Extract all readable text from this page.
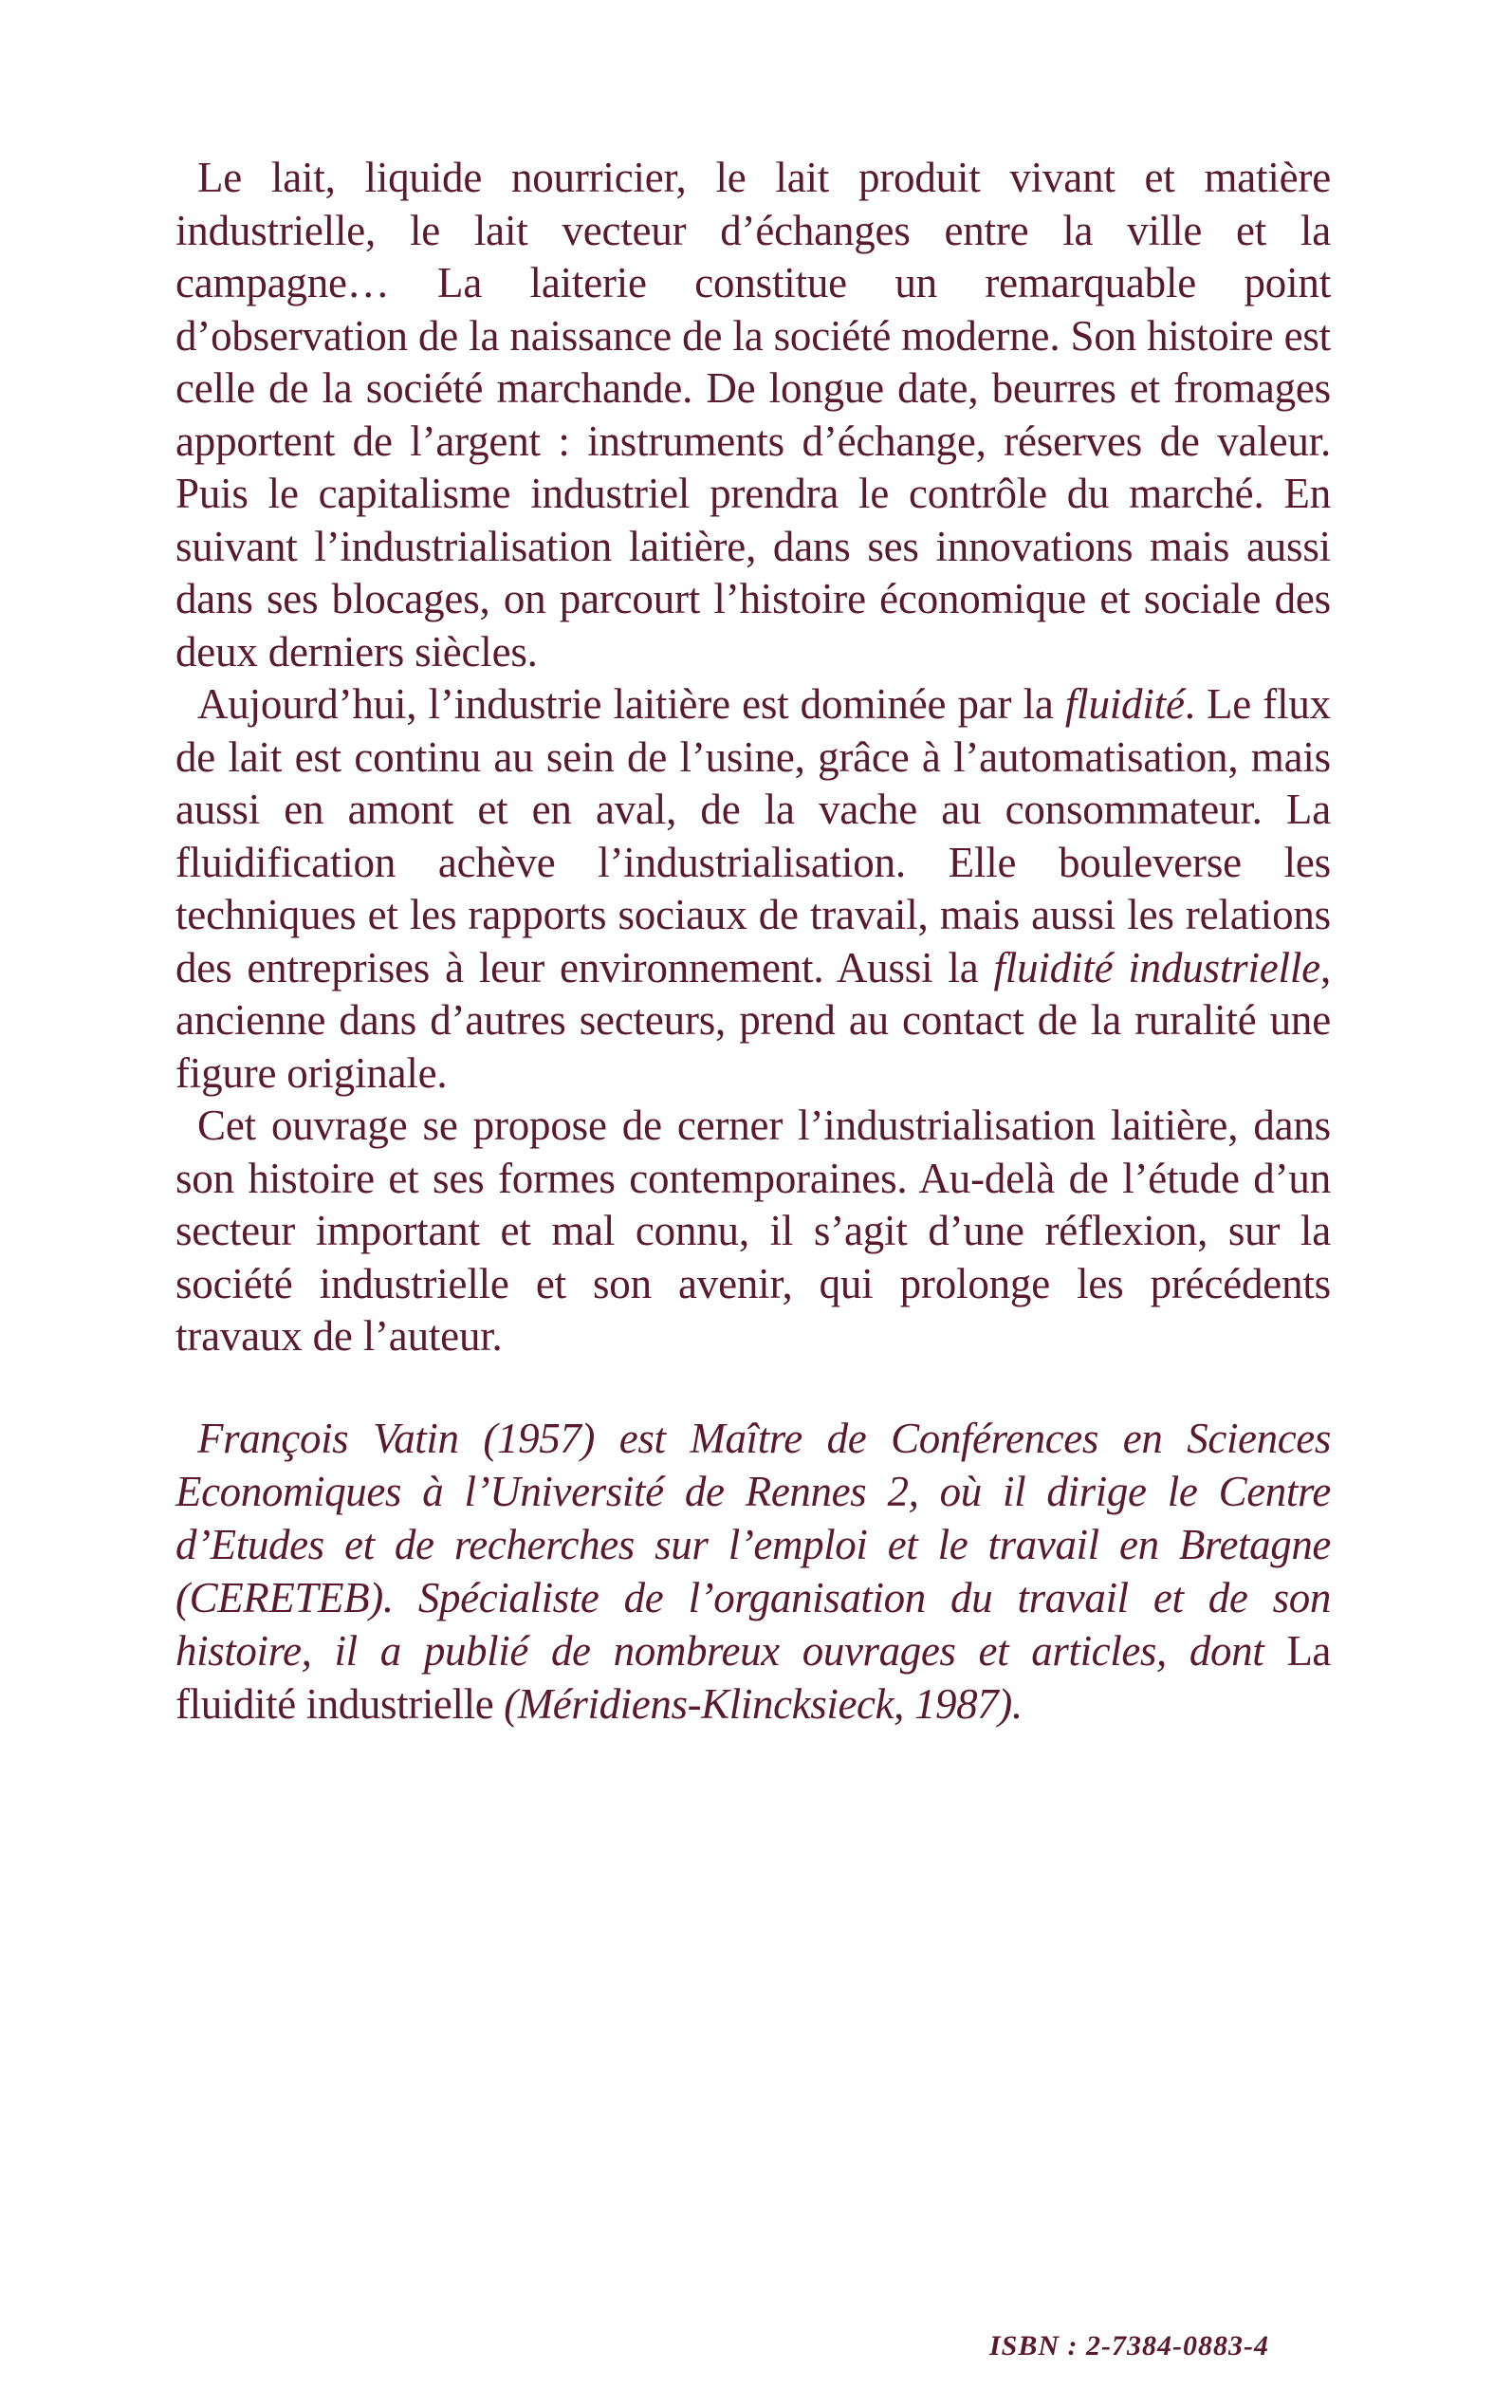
Le lait, liquide nourricier, le lait produit vivant et matière industrielle, le lait vecteur d’échanges entre la ville et la campagne… La laiterie constitue un remarquable point d’observation de la naissance de la société moderne. Son histoire est celle de la société marchande. De longue date, beurres et fromages apportent de l’argent : instruments d’échange, réserves de valeur. Puis le capitalisme industriel prendra le contrôle du marché. En suivant l’industrialisation laitière, dans ses innovations mais aussi dans ses blocages, on parcourt l’histoire économique et sociale des deux derniers siècles.

Aujourd’hui, l’industrie laitière est dominée par la fluidité. Le flux de lait est continu au sein de l’usine, grâce à l’automatisation, mais aussi en amont et en aval, de la vache au consommateur. La fluidification achève l’industrialisation. Elle bouleverse les techniques et les rapports sociaux de travail, mais aussi les relations des entreprises à leur environnement. Aussi la fluidité industrielle, ancienne dans d’autres secteurs, prend au contact de la ruralité une figure originale.

Cet ouvrage se propose de cerner l’industrialisation laitière, dans son histoire et ses formes contemporaines. Au-delà de l’étude d’un secteur important et mal connu, il s’agit d’une réflexion, sur la société industrielle et son avenir, qui prolonge les précédents travaux de l’auteur.

François Vatin (1957) est Maître de Conférences en Sciences Economiques à l’Université de Rennes 2, où il dirige le Centre d’Etudes et de recherches sur l’emploi et le travail en Bretagne (CERETEB). Spécialiste de l’organisation du travail et de son histoire, il a publié de nombreux ouvrages et articles, dont La fluidité industrielle (Méridiens-Klincksieck, 1987).

ISBN : 2-7384-0883-4
